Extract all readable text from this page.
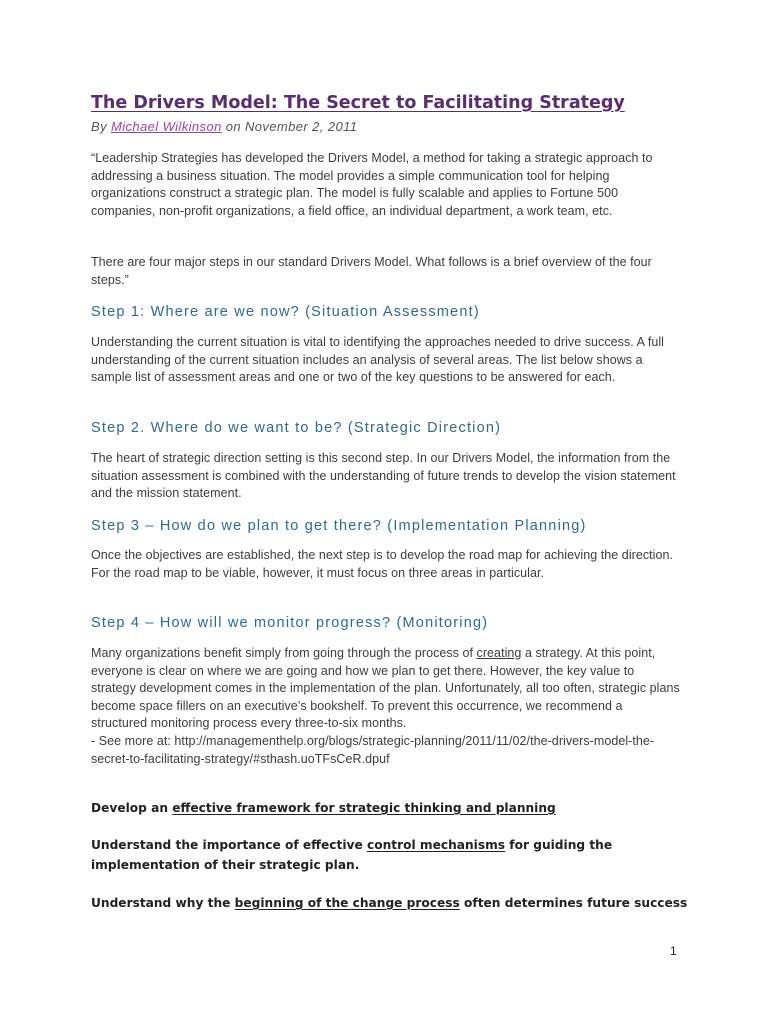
The Drivers Model: The Secret to Facilitating Strategy
By Michael Wilkinson on November 2, 2011

“Leadership Strategies has developed the Drivers Model, a method for taking a strategic approach to addressing a business situation. The model provides a simple communication tool for helping organizations construct a strategic plan. The model is fully scalable and applies to Fortune 500 companies, non-profit organizations, a field office, an individual department, a work team, etc.

There are four major steps in our standard Drivers Model. What follows is a brief overview of the four steps.”

Step 1: Where are we now? (Situation Assessment)

Understanding the current situation is vital to identifying the approaches needed to drive success. A full understanding of the current situation includes an analysis of several areas. The list below shows a sample list of assessment areas and one or two of the key questions to be answered for each.

Step 2. Where do we want to be? (Strategic Direction)

The heart of strategic direction setting is this second step. In our Drivers Model, the information from the situation assessment is combined with the understanding of future trends to develop the vision statement and the mission statement.

Step 3 – How do we plan to get there? (Implementation Planning)

Once the objectives are established, the next step is to develop the road map for achieving the direction. For the road map to be viable, however, it must focus on three areas in particular.

Step 4 – How will we monitor progress? (Monitoring)

Many organizations benefit simply from going through the process of creating a strategy. At this point, everyone is clear on where we are going and how we plan to get there. However, the key value to strategy development comes in the implementation of the plan. Unfortunately, all too often, strategic plans become space fillers on an executive’s bookshelf. To prevent this occurrence, we recommend a structured monitoring process every three-to-six months.
- See more at: http://managementhelp.org/blogs/strategic-planning/2011/11/02/the-drivers-model-the-secret-to-facilitating-strategy/#sthash.uoTFsCeR.dpuf

Develop an effective framework for strategic thinking and planning

Understand the importance of effective control mechanisms for guiding the implementation of their strategic plan.

Understand why the beginning of the change process often determines future success

1
